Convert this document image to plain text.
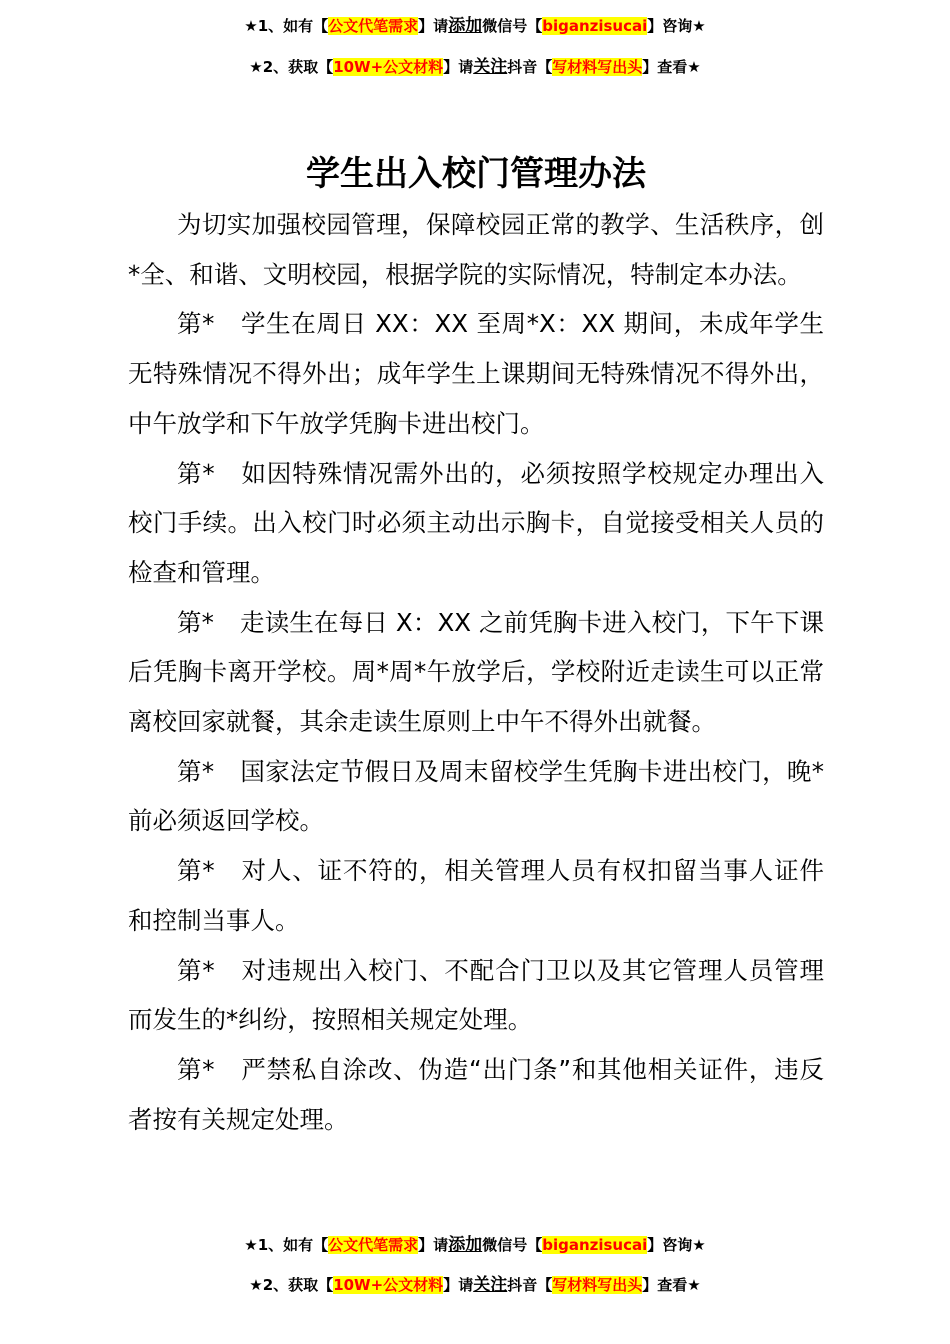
★1、如有【公文代笔需求】请添加微信号【biganzisucai】咨询★
★2、获取【10W+公文材料】请关注抖音【写材料写出头】查看★
学生出入校门管理办法

为切实加强校园管理，保障校园正常的教学、生活秩序，创*全、和谐、文明校园，根据学院的实际情况，特制定本办法。

第* 学生在周日 XX：XX 至周*X：XX 期间，未成年学生无特殊情况不得外出；成年学生上课期间无特殊情况不得外出，中午放学和下午放学凭胸卡进出校门。

第* 如因特殊情况需外出的，必须按照学校规定办理出入校门手续。出入校门时必须主动出示胸卡，自觉接受相关人员的检查和管理。

第* 走读生在每日 X：XX 之前凭胸卡进入校门，下午下课后凭胸卡离开学校。周*周*午放学后，学校附近走读生可以正常离校回家就餐，其余走读生原则上中午不得外出就餐。

第* 国家法定节假日及周末留校学生凭胸卡进出校门，晚*前必须返回学校。

第* 对人、证不符的，相关管理人员有权扣留当事人证件和控制当事人。

第* 对违规出入校门、不配合门卫以及其它管理人员管理而发生的*纠纷，按照相关规定处理。

第* 严禁私自涂改、伪造“出门条”和其他相关证件，违反者按有关规定处理。

★1、如有【公文代笔需求】请添加微信号【biganzisucai】咨询★
★2、获取【10W+公文材料】请关注抖音【写材料写出头】查看★
